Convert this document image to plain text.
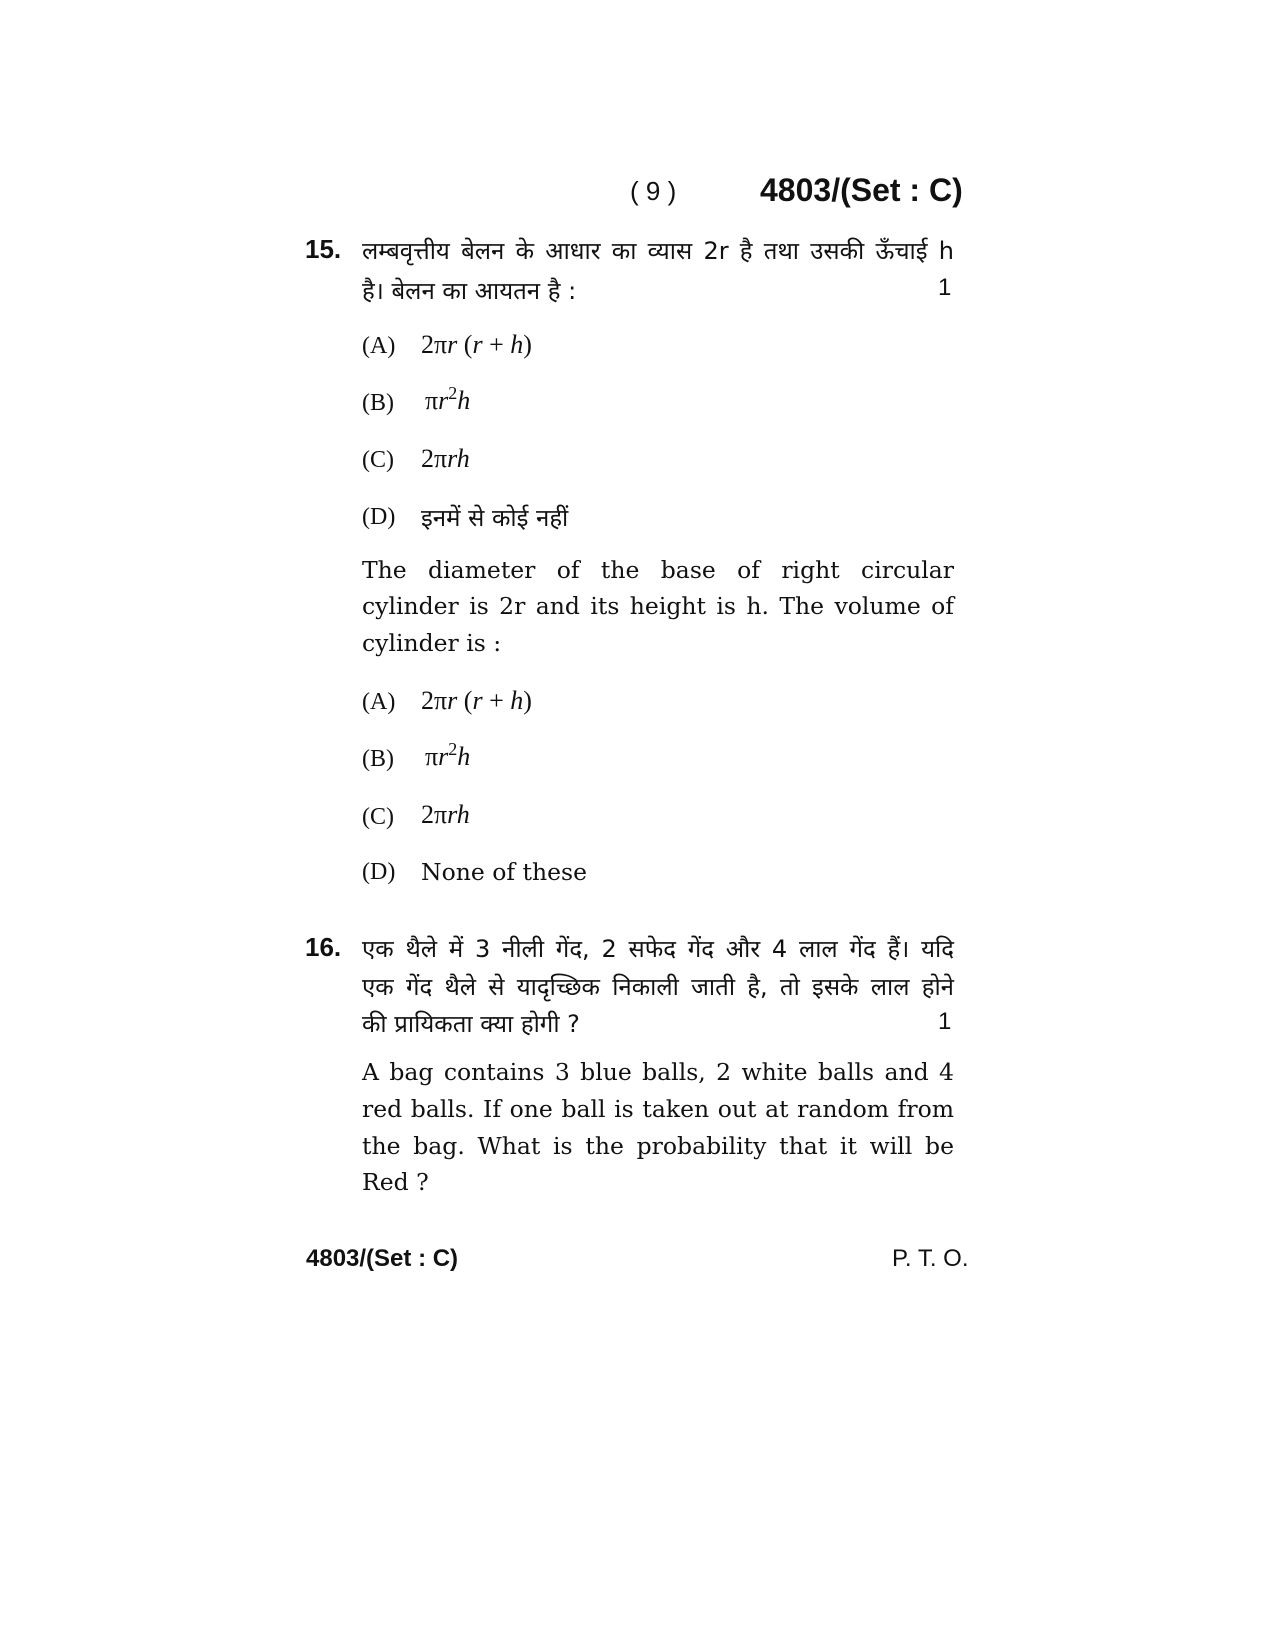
( 9 )	4803/(Set : C)
15. लम्बवृत्तीय बेलन के आधार का व्यास 2r है तथा उसकी ऊँचाई h
है। बेलन का आयतन है :	1
(A) 2πr (r + h)
(B) $\pi r^2h$
(C) 2πrh
(D) इनमें से कोई नहीं
The diameter of the base of right circular
cylinder is 2r and its height is h. The volume of
cylinder is :
(A) 2πr (r + h)
(B) $\pi r^2h$
(C) 2πrh
(D) None of these
16. एक थैले में 3 नीली गेंद, 2 सफेद गेंद और 4 लाल गेंद हैं। यदि
एक गेंद थैले से यादृच्छिक निकाली जाती है, तो इसके लाल होने
की प्रायिकता क्या होगी ?	1
A bag contains 3 blue balls, 2 white balls and 4
red balls. If one ball is taken out at random from
the bag. What is the probability that it will be
Red ?
4803/(Set : C)	P. T. O.
